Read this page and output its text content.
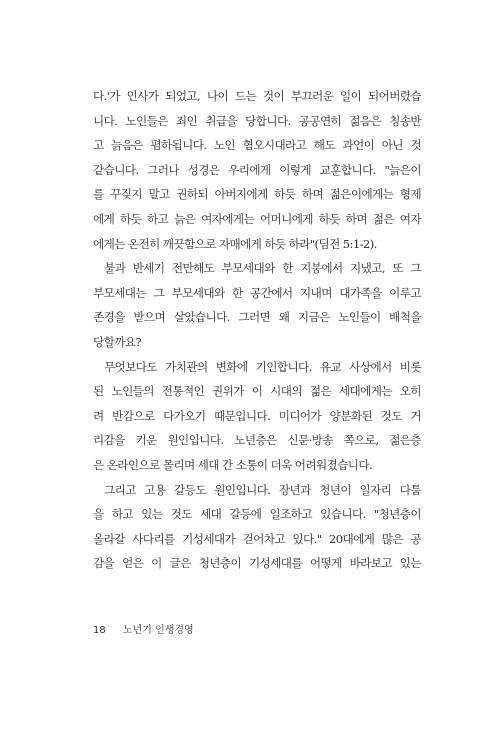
다.'가 인사가 되었고, 나이 드는 것이 부끄러운 일이 되어버렸습
니다. 노인들은 죄인 취급을 당합니다. 공공연히 젊음은 칭송반
고 늙음은 폄하됩니다. 노인 혐오시대라고 해도 과언이 아닌 것
같습니다. 그러나 성경은 우리에게 이렇게 교훈합니다. "늙은이
를 꾸짖지 말고 권하되 아버지에게 하듯 하며 젊은이에게는 형제
에게 하듯 하고 늙은 여자에게는 어머니에게 하듯 하며 젊은 여자
에게는 온전히 깨끗함으로 자매에게 하듯 하라"(딤전 5:1-2).
불과 반세기 전만해도 부모세대와 한 지붕에서 지냈고, 또 그
부모세대는 그 부모세대와 한 공간에서 지내며 대가족을 이루고
존경을 받으며 살았습니다. 그러면 왜 지금은 노인들이 배척을
당할까요?
무엇보다도 가치관의 변화에 기인합니다. 유교 사상에서 비롯
된 노인들의 전통적인 권위가 이 시대의 젊은 세대에게는 오히
려 반감으로 다가오기 때문입니다. 미디어가 양분화된 것도 거
리감을 키운 원인입니다. 노년층은 신문·방송 쪽으로, 젊은층
은 온라인으로 몰리며 세대 간 소통이 더욱 어려워졌습니다.
그리고 고용 갈등도 원인입니다. 장년과 청년이 일자리 다툼
을 하고 있는 것도 세대 갈등에 일조하고 있습니다. "청년층이
올라갈 사다리를 기성세대가 걷어차고 있다." 20대에게 많은 공
감을 얻은 이 글은 청년층이 기성세대를 어떻게 바라보고 있는
18 노년기 인생경영
